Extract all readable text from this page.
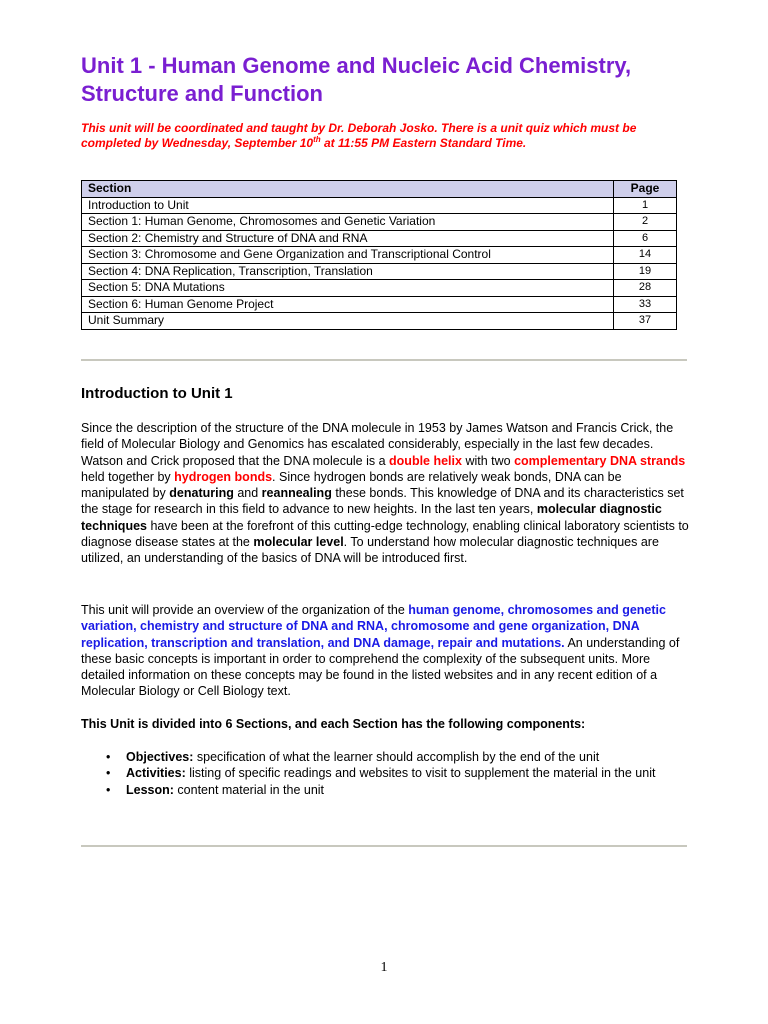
Unit 1 - Human Genome and Nucleic Acid Chemistry, Structure and Function

This unit will be coordinated and taught by Dr. Deborah Josko. There is a unit quiz which must be completed by Wednesday, September 10th at 11:55 PM Eastern Standard Time.

Section	Page
Introduction to Unit	1
Section 1: Human Genome, Chromosomes and Genetic Variation	2
Section 2: Chemistry and Structure of DNA and RNA	6
Section 3: Chromosome and Gene Organization and Transcriptional Control	14
Section 4: DNA Replication, Transcription, Translation	19
Section 5: DNA Mutations	28
Section 6: Human Genome Project	33
Unit Summary	37
Introduction to Unit 1

Since the description of the structure of the DNA molecule in 1953 by James Watson and Francis Crick, the field of Molecular Biology and Genomics has escalated considerably, especially in the last few decades. Watson and Crick proposed that the DNA molecule is a double helix with two complementary DNA strands held together by hydrogen bonds. Since hydrogen bonds are relatively weak bonds, DNA can be manipulated by denaturing and reannealing these bonds. This knowledge of DNA and its characteristics set the stage for research in this field to advance to new heights. In the last ten years, molecular diagnostic techniques have been at the forefront of this cutting-edge technology, enabling clinical laboratory scientists to diagnose disease states at the molecular level. To understand how molecular diagnostic techniques are utilized, an understanding of the basics of DNA will be introduced first.

This unit will provide an overview of the organization of the human genome, chromosomes and genetic variation, chemistry and structure of DNA and RNA, chromosome and gene organization, DNA replication, transcription and translation, and DNA damage, repair and mutations. An understanding of these basic concepts is important in order to comprehend the complexity of the subsequent units. More detailed information on these concepts may be found in the listed websites and in any recent edition of a Molecular Biology or Cell Biology text.

This Unit is divided into 6 Sections, and each Section has the following components:

• Objectives: specification of what the learner should accomplish by the end of the unit
• Activities: listing of specific readings and websites to visit to supplement the material in the unit
• Lesson: content material in the unit
1
